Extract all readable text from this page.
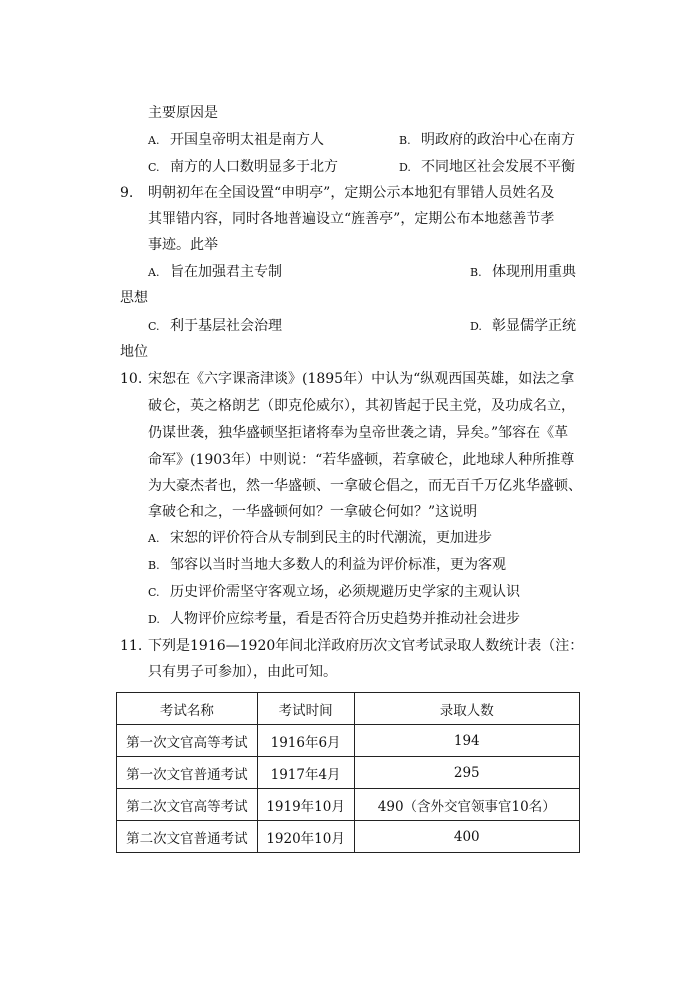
主要原因是
A. 开国皇帝明太祖是南方人	B. 明政府的政治中心在南方
C. 南方的人口数明显多于北方	D. 不同地区社会发展不平衡
9. 明朝初年在全国设置“申明亭”，定期公示本地犯有罪错人员姓名及
其罪错内容，同时各地普遍设立“旌善亭”，定期公布本地慈善节孝
事迹。此举
A. 旨在加强君主专制	B. 体现刑用重典
思想
C. 利于基层社会治理	D. 彰显儒学正统
地位
10. 宋恕在《六字课斋津谈》(1895年）中认为“纵观西国英雄，如法之拿
破仑，英之格朗艺（即克伦威尔），其初皆起于民主党，及功成名立，
仍谋世袭，独华盛顿坚拒诸将奉为皇帝世袭之请，异矣。”邹容在《革
命军》(1903年）中则说：“若华盛顿，若拿破仑，此地球人种所推尊
为大豪杰者也，然一华盛顿、一拿破仑倡之，而无百千万亿兆华盛顿、
拿破仑和之，一华盛顿何如？一拿破仑何如？”这说明
A. 宋恕的评价符合从专制到民主的时代潮流，更加进步
B. 邹容以当时当地大多数人的利益为评价标准，更为客观
C. 历史评价需坚守客观立场，必须规避历史学家的主观认识
D. 人物评价应综考量，看是否符合历史趋势并推动社会进步
11. 下列是1916—1920年间北洋政府历次文官考试录取人数统计表（注：
只有男子可参加），由此可知。
考试名称	考试时间	录取人数
第一次文官高等考试	1916年6月	194
第一次文官普通考试	1917年4月	295
第二次文官高等考试	1919年10月	490（含外交官领事官10名）
第二次文官普通考试	1920年10月	400
